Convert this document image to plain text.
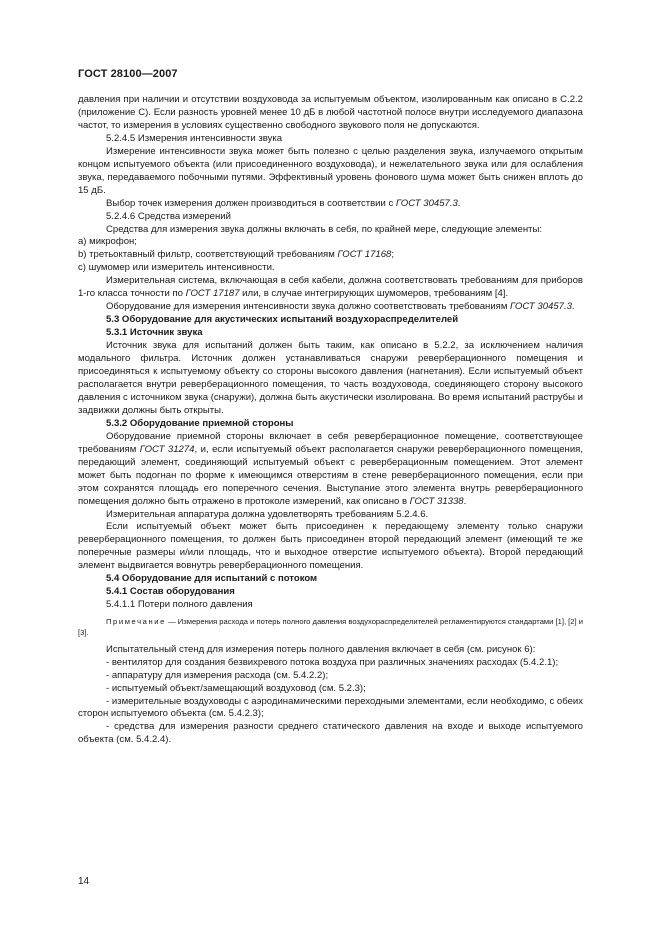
ГОСТ 28100—2007

давления при наличии и отсутствии воздуховода за испытуемым объектом, изолированным как описано в С.2.2 (приложение С). Если разность уровней менее 10 дБ в любой частотной полосе внутри исследуемого диапазона частот, то измерения в условиях существенно свободного звукового поля не допускаются.

5.2.4.5 Измерения интенсивности звука

Измерение интенсивности звука может быть полезно с целью разделения звука, излучаемого открытым концом испытуемого объекта (или присоединенного воздуховода), и нежелательного звука или для ослабления звука, передаваемого побочными путями. Эффективный уровень фонового шума может быть снижен вплоть до 15 дБ.

Выбор точек измерения должен производиться в соответствии с ГОСТ 30457.3.

5.2.4.6 Средства измерений

Средства для измерения звука должны включать в себя, по крайней мере, следующие элементы:

a) микрофон;

b) третьоктавный фильтр, соответствующий требованиям ГОСТ 17168;

c) шумомер или измеритель интенсивности.

Измерительная система, включающая в себя кабели, должна соответствовать требованиям для приборов 1-го класса точности по ГОСТ 17187 или, в случае интегрирующих шумомеров, требованиям [4].

Оборудование для измерения интенсивности звука должно соответствовать требованиям ГОСТ 30457.3.

5.3 Оборудование для акустических испытаний воздухораспределителей

5.3.1 Источник звука

Источник звука для испытаний должен быть таким, как описано в 5.2.2, за исключением наличия модального фильтра. Источник должен устанавливаться снаружи реверберационного помещения и присоединяться к испытуемому объекту со стороны высокого давления (нагнетания). Если испытуемый объект располагается внутри реверберационного помещения, то часть воздуховода, соединяющего сторону высокого давления с источником звука (снаружи), должна быть акустически изолирована. Во время испытаний раструбы и задвижки должны быть открыты.

5.3.2 Оборудование приемной стороны

Оборудование приемной стороны включает в себя реверберационное помещение, соответствующее требованиям ГОСТ 31274, и, если испытуемый объект располагается снаружи реверберационного помещения, передающий элемент, соединяющий испытуемый объект с реверберационным помещением. Этот элемент может быть подогнан по форме к имеющимся отверстиям в стене реверберационного помещения, если при этом сохранятся площадь его поперечного сечения. Выступание этого элемента внутрь реверберационного помещения должно быть отражено в протоколе измерений, как описано в ГОСТ 31338.

Измерительная аппаратура должна удовлетворять требованиям 5.2.4.6.

Если испытуемый объект может быть присоединен к передающему элементу только снаружи реверберационного помещения, то должен быть присоединен второй передающий элемент (имеющий те же поперечные размеры и/или площадь, что и выходное отверстие испытуемого объекта). Второй передающий элемент выдвигается вовнутрь реверберационного помещения.

5.4 Оборудование для испытаний с потоком

5.4.1 Состав оборудования

5.4.1.1 Потери полного давления

Примечание — Измерения расхода и потерь полного давления воздухораспределителей регламентируются стандартами [1], [2] и [3].

Испытательный стенд для измерения потерь полного давления включает в себя (см. рисунок 6):

- вентилятор для создания безвихревого потока воздуха при различных значениях расходах (5.4.2.1);

- аппаратуру для измерения расхода (см. 5.4.2.2);

- испытуемый объект/замещающий воздуховод (см. 5.2.3);

- измерительные воздуховоды с аэродинамическими переходными элементами, если необходимо, с обеих сторон испытуемого объекта (см. 5.4.2.3);

- средства для измерения разности среднего статического давления на входе и выходе испытуемого объекта (см. 5.4.2.4).

14
